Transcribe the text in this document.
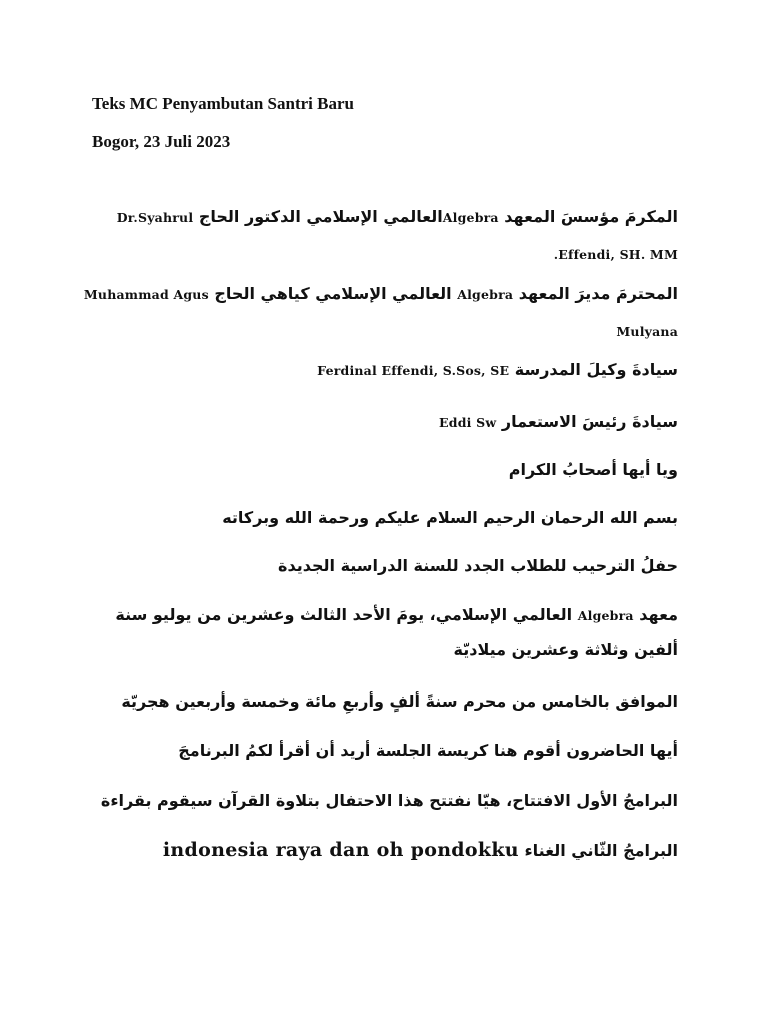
Teks MC Penyambutan Santri Baru

Bogor, 23 Juli 2023

المكرمَ مؤسسَ المعهد Algebraالعالمي الإسلامي الدكتور الحاج Dr.Syahrul Effendi, SH. MM.

المحترمَ مديرَ المعهد Algebra العالمي الإسلامي كياهي الحاج Muhammad Agus Mulyana

سيادةَ وكيلَ المدرسة Ferdinal Effendi, S.Sos, SE

سيادةَ رئيسَ الاستعمار Eddi Sw

ويا أيها أصحابُ الكرام

بسم الله الرحمان الرحيم السلام عليكم ورحمة الله وبركاته

حفلُ الترحيب للطلاب الجدد للسنة الدراسية الجديدة

معهد Algebra العالمي الإسلامي، يومَ الأحد الثالث وعشرين من يوليو سنة ألفين وثلاثة وعشرين ميلاديّة

الموافق بالخامس من محرم سنةً ألفٍ وأربعِ مائة وخمسة وأربعين هجريّة

أيها الحاضرون أقوم هنا كريسة الجلسة أريد أن أقرأ لكمُ البرنامجَ

البرامجُ الأول الافتتاح، هيّا نفتتح هذا الاحتفال بتلاوة القرآن سيقوم بقراءة

البرامجُ الثّاني الغناء indonesia raya dan oh pondokku
